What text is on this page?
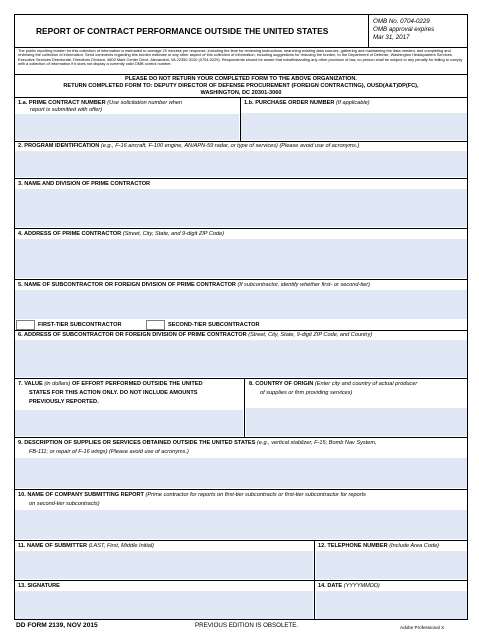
REPORT OF CONTRACT PERFORMANCE OUTSIDE THE UNITED STATES
OMB No. 0704-0229
OMB approval expires
Mar 31, 2017
The public reporting burden for this collection of information is estimated to average 20 minutes per response, including the time for reviewing instructions, searching existing data sources, gathering and maintaining the data needed, and completing and reviewing the collection of information. Send comments regarding this burden estimate or any other aspect of this collection of information, including suggestions for reducing the burden, to the Department of Defense, Washington Headquarters Services, Executive Services Directorate, Directives Division, 4800 Mark Center Drive, Alexandria, VA 22350-3100 (0704-0229). Respondents should be aware that notwithstanding any other provision of law, no person shall be subject to any penalty for failing to comply with a collection of information if it does not display a currently valid OMB control number.
PLEASE DO NOT RETURN YOUR COMPLETED FORM TO THE ABOVE ORGANIZATION.
RETURN COMPLETED FORM TO: DEPUTY DIRECTOR OF DEFENSE PROCUREMENT (FOREIGN CONTRACTING), OUSD(A&T)DP(FC),
WASHINGTON, DC 20301-3060
1.a. PRIME CONTRACT NUMBER (Use solicitation number when
report is submitted with offer)
1.b. PURCHASE ORDER NUMBER (If applicable)
2. PROGRAM IDENTIFICATION (e.g., F-16 aircraft, F-100 engine, AN/APN-59 radar, or type of services) (Please avoid use of acronyms.)
3. NAME AND DIVISION OF PRIME CONTRACTOR
4. ADDRESS OF PRIME CONTRACTOR (Street, City, State, and 9-digit ZIP Code)
5. NAME OF SUBCONTRACTOR OR FOREIGN DIVISION OF PRIME CONTRACTOR (If subcontractor, identify whether first- or second-tier)
FIRST-TIER SUBCONTRACTOR	SECOND-TIER SUBCONTRACTOR
6. ADDRESS OF SUBCONTRACTOR OR FOREIGN DIVISION OF PRIME CONTRACTOR (Street, City, State, 9-digit ZIP Code, and Country)
7. VALUE (in dollars) OF EFFORT PERFORMED OUTSIDE THE UNITED
STATES FOR THIS ACTION ONLY. DO NOT INCLUDE AMOUNTS
PREVIOUSLY REPORTED.
8. COUNTRY OF ORIGIN (Enter city and country of actual producer
of supplies or firm providing services)
9. DESCRIPTION OF SUPPLIES OR SERVICES OBTAINED OUTSIDE THE UNITED STATES (e.g., vertical stablizer, F-15; Bomb Nav System,
FB-111; or repair of F-16 wings) (Please avoid use of acronyms.)
10. NAME OF COMPANY SUBMITTING REPORT (Prime contractor for reports on first-tier subcontracts or first-tier subcontractor for reports
on second-tier subcontracts)
11. NAME OF SUBMITTER (LAST, First, Middle Initial)	12. TELEPHONE NUMBER (Include Area Code)
13. SIGNATURE	14. DATE (YYYYMMDD)
DD FORM 2139, NOV 2015	PREVIOUS EDITION IS OBSOLETE.	Adobe Professional X
